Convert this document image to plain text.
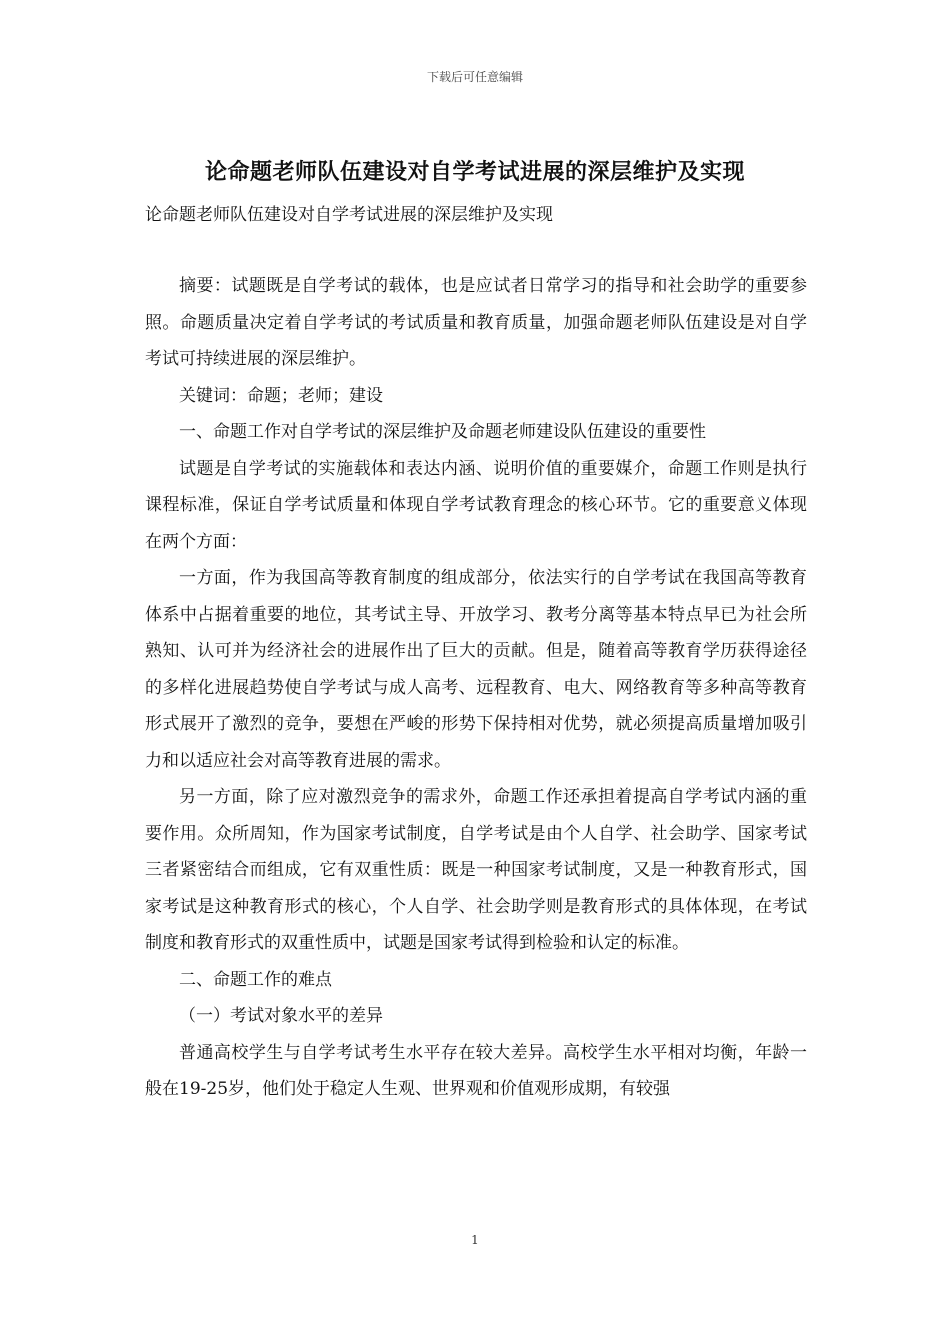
下载后可任意编辑
论命题老师队伍建设对自学考试进展的深层维护及实现
论命题老师队伍建设对自学考试进展的深层维护及实现

摘要：试题既是自学考试的载体，也是应试者日常学习的指导和社会助学的重要参照。命题质量决定着自学考试的考试质量和教育质量，加强命题老师队伍建设是对自学考试可持续进展的深层维护。

关键词：命题；老师；建设

一、命题工作对自学考试的深层维护及命题老师建设队伍建设的重要性

试题是自学考试的实施载体和表达内涵、说明价值的重要媒介，命题工作则是执行课程标准，保证自学考试质量和体现自学考试教育理念的核心环节。它的重要意义体现在两个方面：

一方面，作为我国高等教育制度的组成部分，依法实行的自学考试在我国高等教育体系中占据着重要的地位，其考试主导、开放学习、教考分离等基本特点早已为社会所熟知、认可并为经济社会的进展作出了巨大的贡献。但是，随着高等教育学历获得途径的多样化进展趋势使自学考试与成人高考、远程教育、电大、网络教育等多种高等教育形式展开了激烈的竞争，要想在严峻的形势下保持相对优势，就必须提高质量增加吸引力和以适应社会对高等教育进展的需求。

另一方面，除了应对激烈竞争的需求外，命题工作还承担着提高自学考试内涵的重要作用。众所周知，作为国家考试制度，自学考试是由个人自学、社会助学、国家考试三者紧密结合而组成，它有双重性质：既是一种国家考试制度，又是一种教育形式，国家考试是这种教育形式的核心，个人自学、社会助学则是教育形式的具体体现，在考试制度和教育形式的双重性质中，试题是国家考试得到检验和认定的标准。

二、命题工作的难点

（一）考试对象水平的差异

普通高校学生与自学考试考生水平存在较大差异。高校学生水平相对均衡，年龄一般在19-25岁，他们处于稳定人生观、世界观和价值观形成期，有较强

1
